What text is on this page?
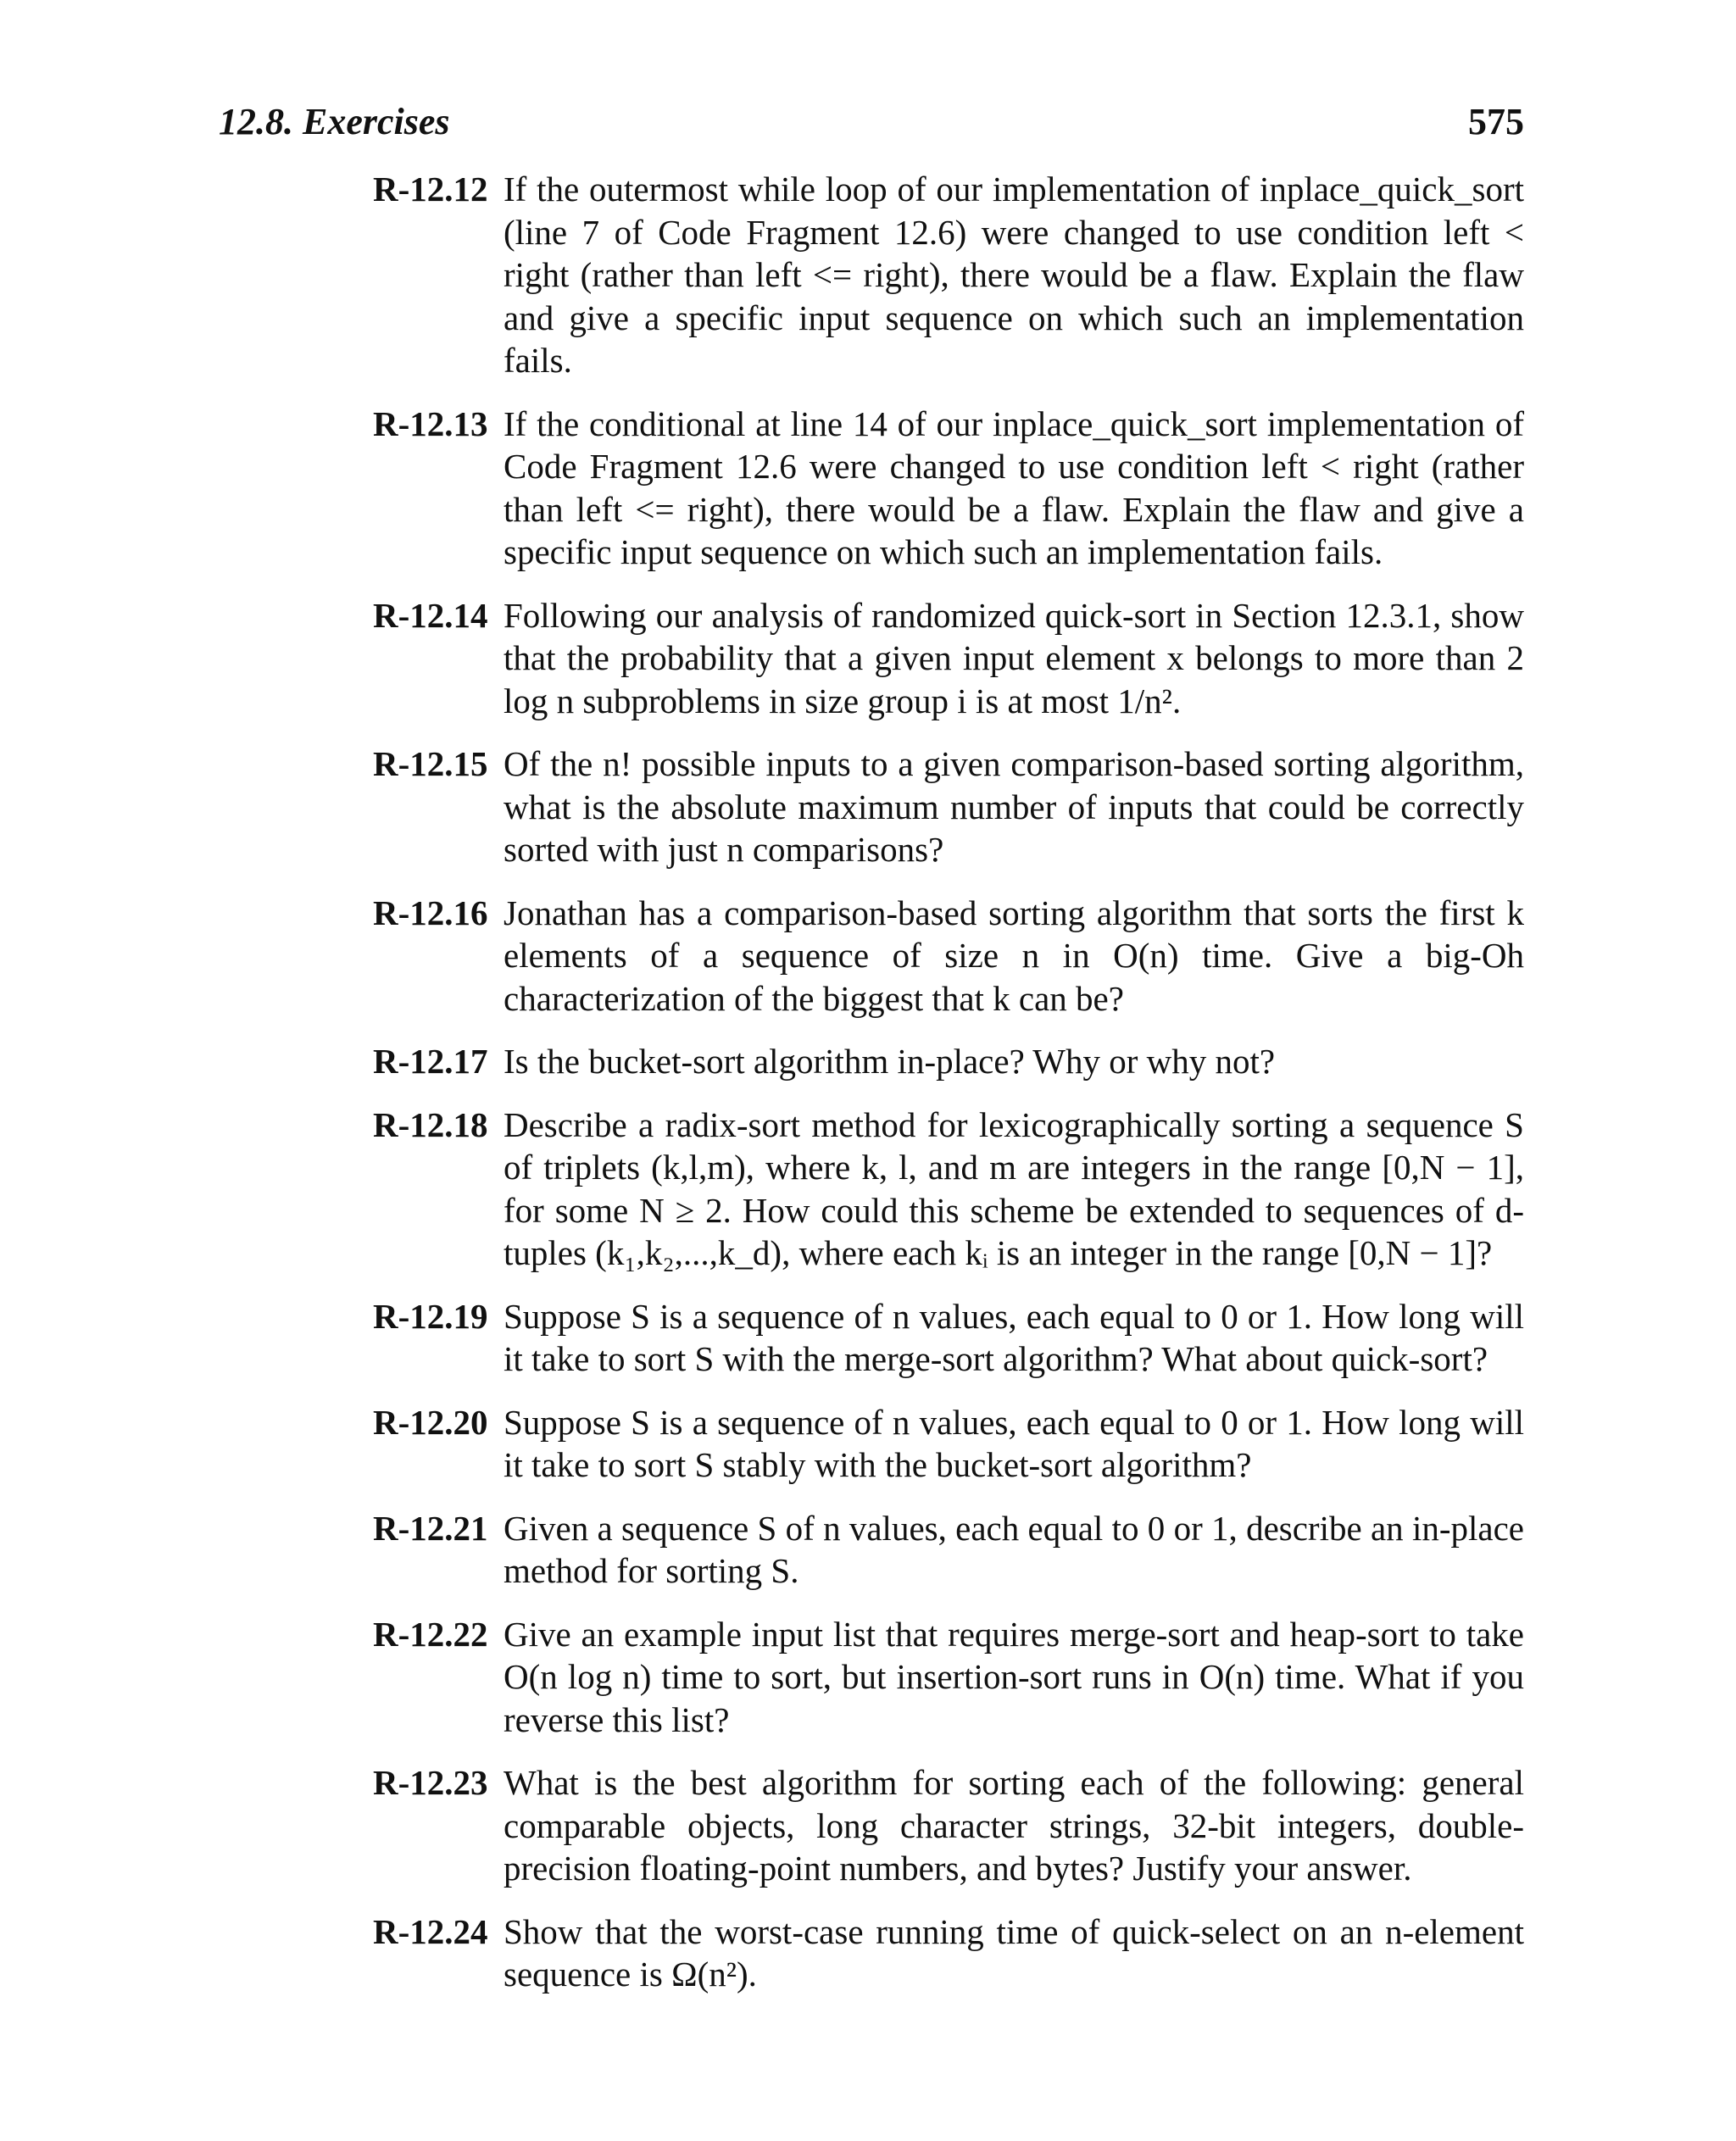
12.8. Exercises	575
R-12.12 If the outermost while loop of our implementation of inplace_quick_sort (line 7 of Code Fragment 12.6) were changed to use condition left < right (rather than left <= right), there would be a flaw. Explain the flaw and give a specific input sequence on which such an implementation fails.

R-12.13 If the conditional at line 14 of our inplace_quick_sort implementation of Code Fragment 12.6 were changed to use condition left < right (rather than left <= right), there would be a flaw. Explain the flaw and give a specific input sequence on which such an implementation fails.

R-12.14 Following our analysis of randomized quick-sort in Section 12.3.1, show that the probability that a given input element x belongs to more than 2 log n subproblems in size group i is at most 1/n².

R-12.15 Of the n! possible inputs to a given comparison-based sorting algorithm, what is the absolute maximum number of inputs that could be correctly sorted with just n comparisons?

R-12.16 Jonathan has a comparison-based sorting algorithm that sorts the first k elements of a sequence of size n in O(n) time. Give a big-Oh characterization of the biggest that k can be?

R-12.17 Is the bucket-sort algorithm in-place? Why or why not?

R-12.18 Describe a radix-sort method for lexicographically sorting a sequence S of triplets (k,l,m), where k, l, and m are integers in the range [0,N − 1], for some N ≥ 2. How could this scheme be extended to sequences of d-tuples (k₁,k₂,...,k_d), where each kᵢ is an integer in the range [0,N − 1]?

R-12.19 Suppose S is a sequence of n values, each equal to 0 or 1. How long will it take to sort S with the merge-sort algorithm? What about quick-sort?

R-12.20 Suppose S is a sequence of n values, each equal to 0 or 1. How long will it take to sort S stably with the bucket-sort algorithm?

R-12.21 Given a sequence S of n values, each equal to 0 or 1, describe an in-place method for sorting S.

R-12.22 Give an example input list that requires merge-sort and heap-sort to take O(n log n) time to sort, but insertion-sort runs in O(n) time. What if you reverse this list?

R-12.23 What is the best algorithm for sorting each of the following: general comparable objects, long character strings, 32-bit integers, double-precision floating-point numbers, and bytes? Justify your answer.

R-12.24 Show that the worst-case running time of quick-select on an n-element sequence is Ω(n²).
